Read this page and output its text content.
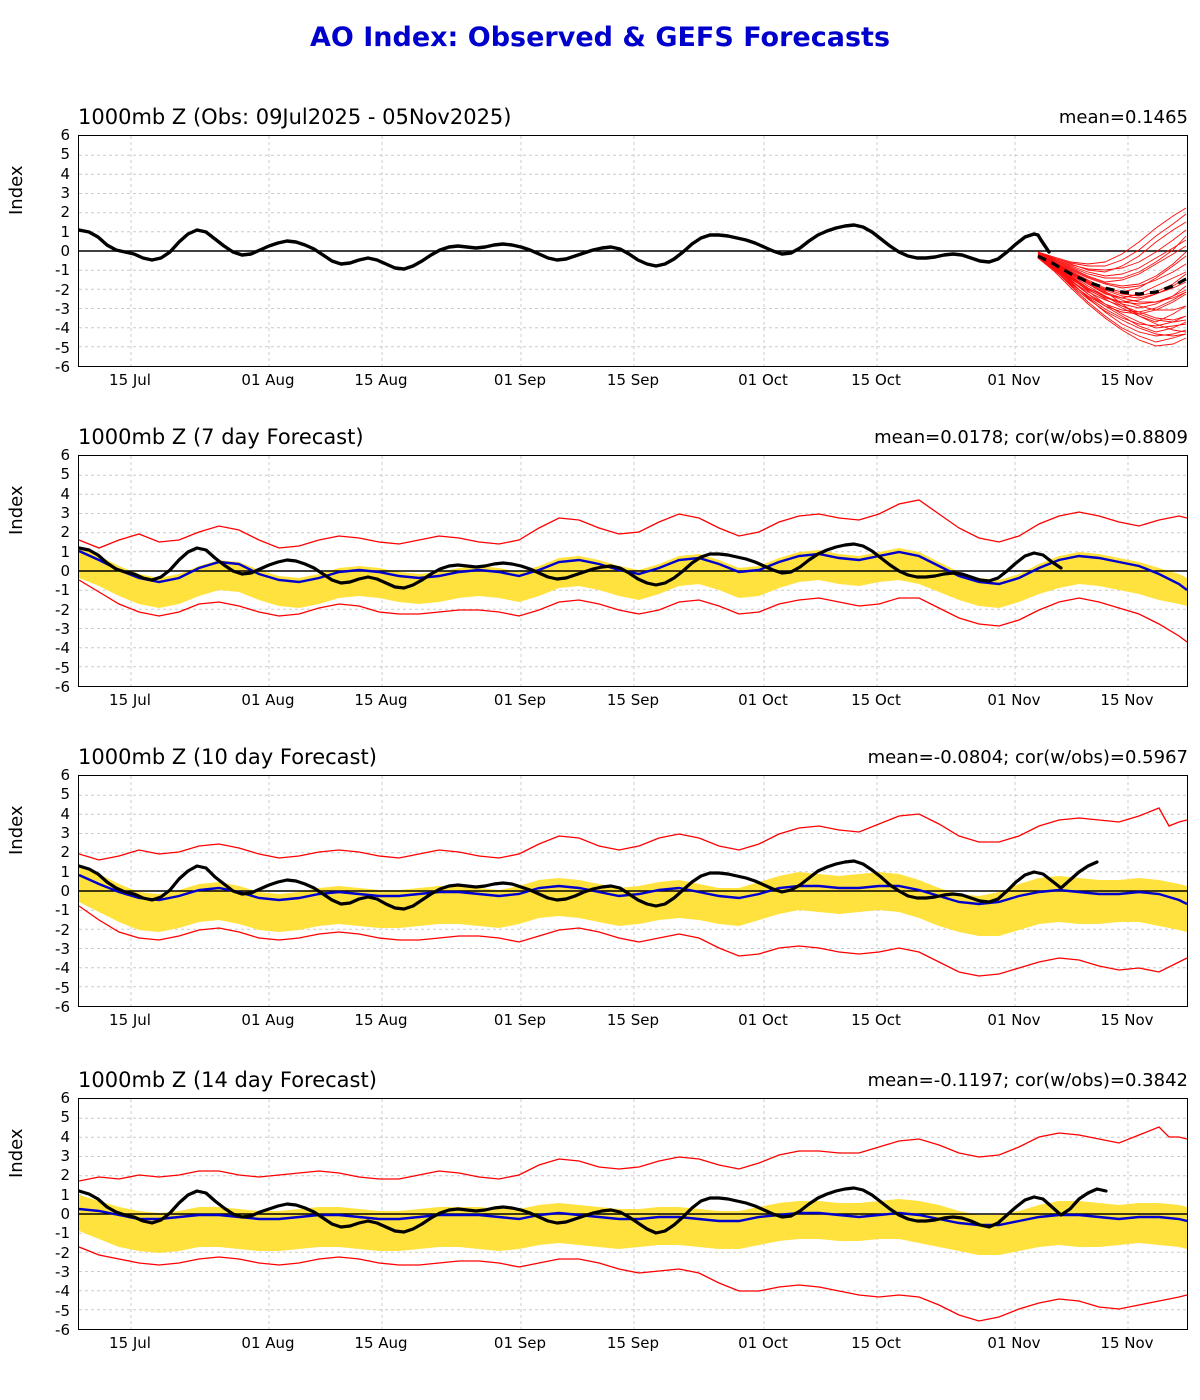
AO Index: Observed & GEFS Forecasts
1000mb Z (Obs: 09Jul2025 - 05Nov2025)	mean=0.1465
Index
6
5
4
3
2
1
0
-1
-2
-3
-4
-5
-6
15 Jul	01 Aug	15 Aug	01 Sep	15 Sep	01 Oct	15 Oct	01 Nov	15 Nov
1000mb Z (7 day Forecast)	mean=0.0178; cor(w/obs)=0.8809
Index
6
5
4
3
2
1
0
-1
-2
-3
-4
-5
-6
15 Jul	01 Aug	15 Aug	01 Sep	15 Sep	01 Oct	15 Oct	01 Nov	15 Nov
1000mb Z (10 day Forecast)	mean=-0.0804; cor(w/obs)=0.5967
Index
6
5
4
3
2
1
0
-1
-2
-3
-4
-5
-6
15 Jul	01 Aug	15 Aug	01 Sep	15 Sep	01 Oct	15 Oct	01 Nov	15 Nov
1000mb Z (14 day Forecast)	mean=-0.1197; cor(w/obs)=0.3842
Index
6
5
4
3
2
1
0
-1
-2
-3
-4
-5
-6
15 Jul	01 Aug	15 Aug	01 Sep	15 Sep	01 Oct	15 Oct	01 Nov	15 Nov
